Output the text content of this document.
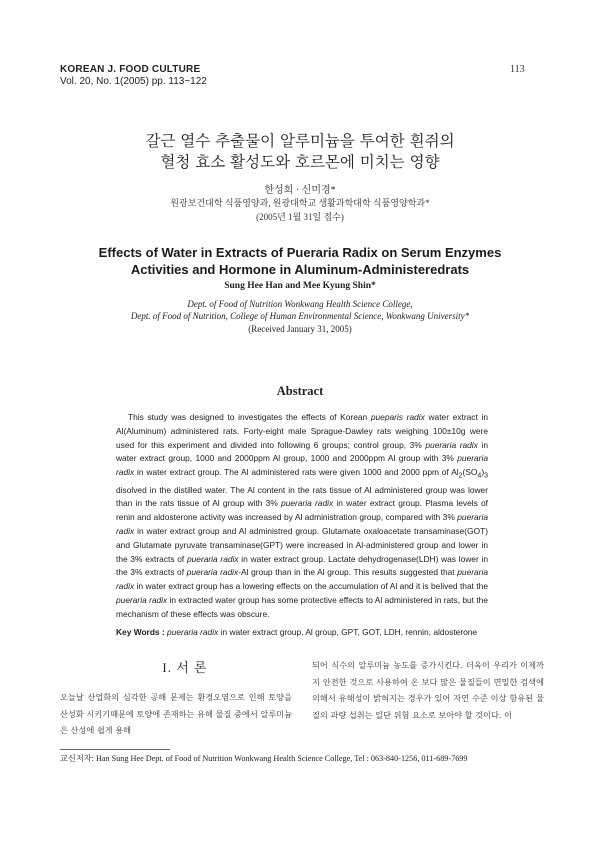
KOREAN J. FOOD CULTURE
Vol. 20, No. 1(2005) pp. 113~122
113
갈근 열수 추출물이 알루미늄을 투여한 흰쥐의
혈청 효소 활성도와 호르몬에 미치는 영향
한성희 · 신미경*
원광보건대학 식품영양과, 원광대학교 생활과학대학 식품영양학과*
(2005년 1월 31일 접수)
Effects of Water in Extracts of Pueraria Radix on Serum Enzymes
Activities and Hormone in Aluminum-Administeredrats
Sung Hee Han and Mee Kyung Shin*
Dept. of Food of Nutrition Wonkwang Health Science College,
Dept. of Food of Nutrition, College of Human Environmental Science, Wonkwang University*
(Received January 31, 2005)
Abstract

This study was designed to investigates the effects of Korean puераris radix water extract in Al(Aluminum) administered rats. Forty-eight male Sprague-Dawley rats weighing 100±10g were used for this experiment and divided into following 6 groups; control group, 3% pueraria radix in water extract group, 1000 and 2000ppm Al group, 1000 and 2000ppm Al group with 3% pueraria radix in water extract group. The Al administered rats were given 1000 and 2000 ppm of $Al_2(SO_4)_3$ disolved in the distilled water. The Al content in the rats tissue of Al administered group was lower than in the rats tissue of Al group with 3% pueraria radix in water extract group. Plasma levels of renin and aldosterone activity was increased by Al administration group, compared with 3% pueraria radix in water extract group and Al administred group. Glutamate oxaloacetate transaminase(GOT) and Glutamate pyruvate transaminase(GPT) were increased in Al-administered group and lower in the 3% extracts of pueraria radix in water extract group. Lactate dehydrogenase(LDH) was lower in the 3% extracts of pueraria radix-Al group than in the Al group. This results suggested that pueraria radix in water extract group has a lowering effects on the accumulation of Al and it is belived that the pueraria radix in extracted water group has some protective effects to Al administered in rats, but the mechanism of these effects was obscure.

Key Words : pueraria radix in water extract group, Al group, GPT, GOT, LDH, rennin, aldosterone
I. 서 론

오늘날 산업화의 심각한 공해 문제는 환경오염으로 인해 토양을 산성화 시키기때문에 토양에 존재하는 유해 물질 중에서 알루미늄은 산성에 쉽게 용해

되어 식수의 알루미늄 농도를 증가시킨다. 더욱이 우리가 이제까지 안전한 것으로 사용하여 온 보다 많은 물질들이 면밀한 검색에 의해서 유해성이 밝혀지는 경우가 있어 자연 수준 이상 함유된 물질의 과량 섭취는 일단 위험 요소로 보아야 할 것이다. 이

교신저자: Han Sung Hee Dept. of Food of Nutrition Wonkwang Health Science College, Tel : 063-840-1256, 011-689-7699
